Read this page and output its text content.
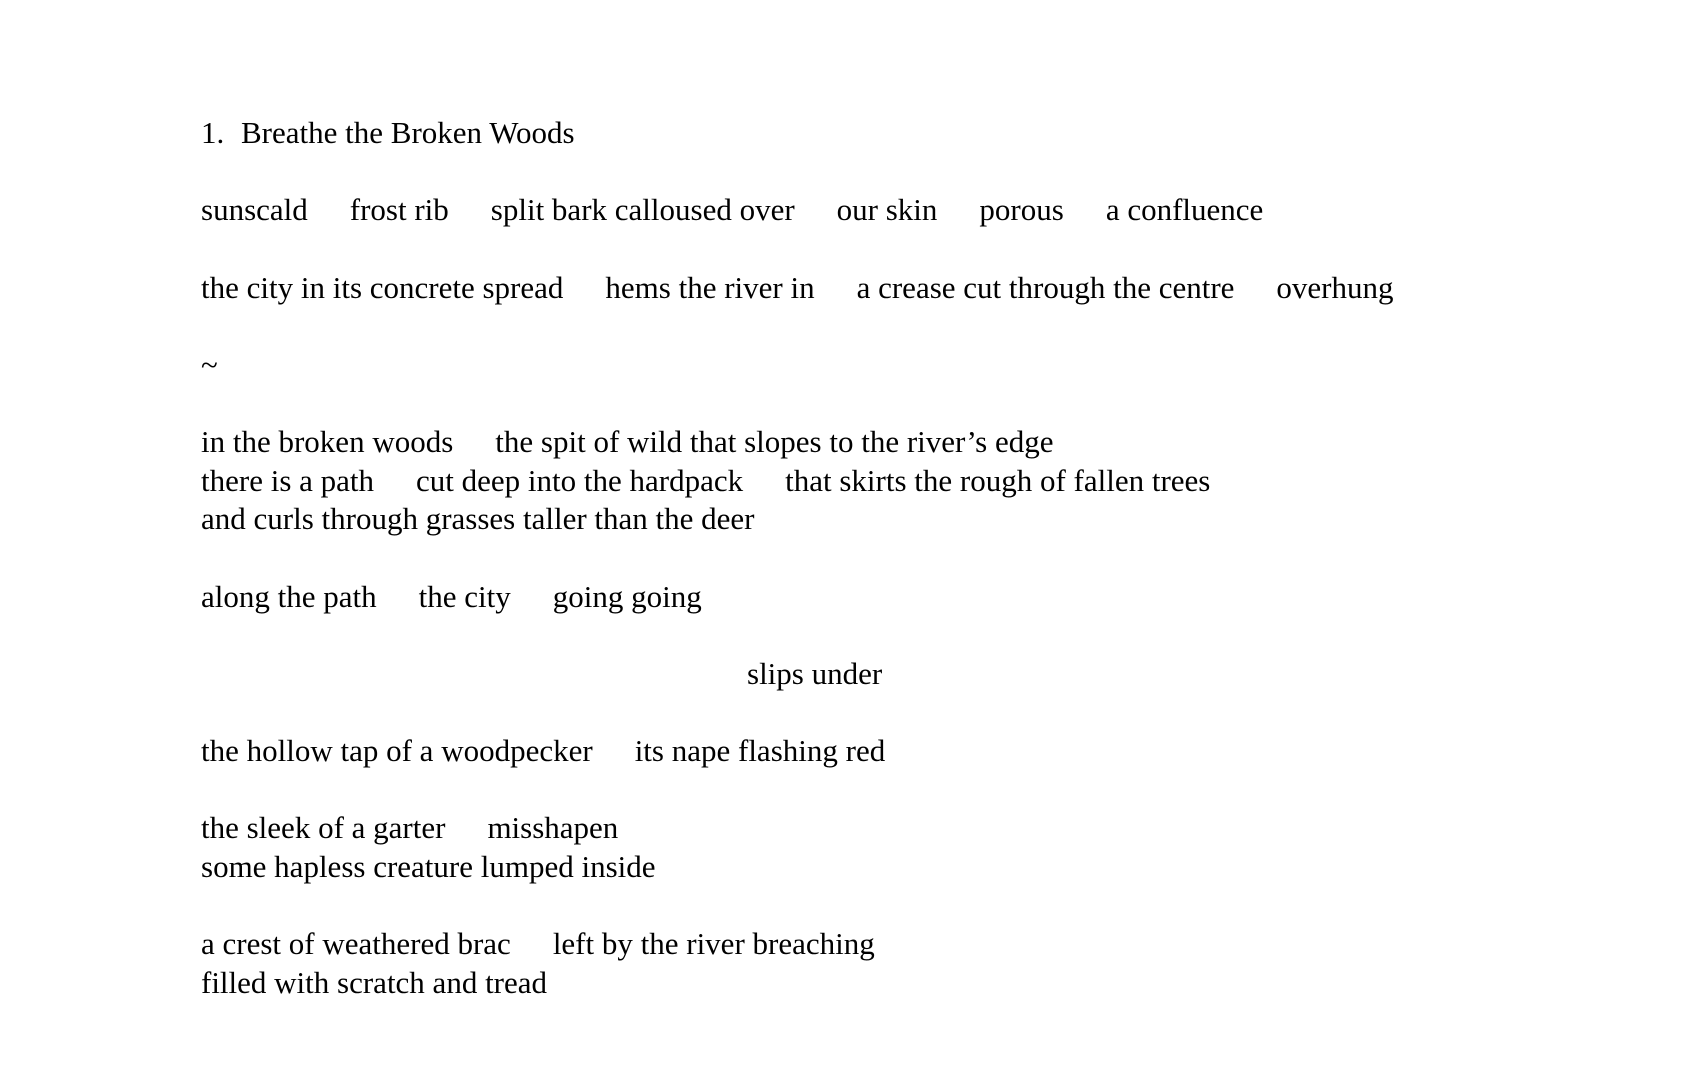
1. Breathe the Broken Woods
sunscald frost rib split bark calloused over our skin porous a confluence
the city in its concrete spread hems the river in a crease cut through the centre overhung
~
in the broken woods the spit of wild that slopes to the river’s edge
there is a path cut deep into the hardpack that skirts the rough of fallen trees
and curls through grasses taller than the deer
along the path the city going going
slips under
the hollow tap of a woodpecker its nape flashing red
the sleek of a garter misshapen
some hapless creature lumped inside
a crest of weathered brac left by the river breaching
filled with scratch and tread
